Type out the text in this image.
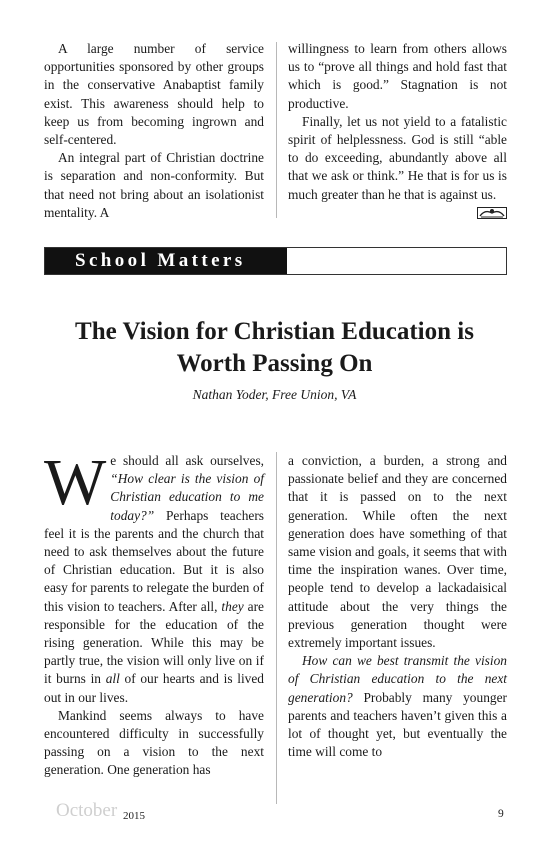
A large number of service opportunities sponsored by other groups in the conservative Anabaptist family exist. This awareness should help to keep us from becoming ingrown and self-centered.

An integral part of Christian doctrine is separation and non-conformity. But that need not bring about an isolationist mentality. A

willingness to learn from others allows us to “prove all things and hold fast that which is good.” Stagnation is not productive.

Finally, let us not yield to a fatalistic spirit of helplessness. God is still “able to do exceeding, abundantly above all that we ask or think.” He that is for us is much greater than he that is against us.

School Matters
The Vision for Christian Education is Worth Passing On
Nathan Yoder, Free Union, VA

We should all ask ourselves, “How clear is the vision of Christian education to me today?” Perhaps teachers feel it is the parents and the church that need to ask themselves about the future of Christian education. But it is also easy for parents to relegate the burden of this vision to teachers. After all, they are responsible for the education of the rising generation. While this may be partly true, the vision will only live on if it burns in all of our hearts and is lived out in our lives.

Mankind seems always to have encountered difficulty in successfully passing on a vision to the next generation. One generation has

a conviction, a burden, a strong and passionate belief and they are concerned that it is passed on to the next generation. While often the next generation does have something of that same vision and goals, it seems that with time the inspiration wanes. Over time, people tend to develop a lackadaisical attitude about the very things the previous generation thought were extremely important issues.

How can we best transmit the vision of Christian education to the next generation? Probably many younger parents and teachers haven’t given this a lot of thought yet, but eventually the time will come to

October 2015	9
